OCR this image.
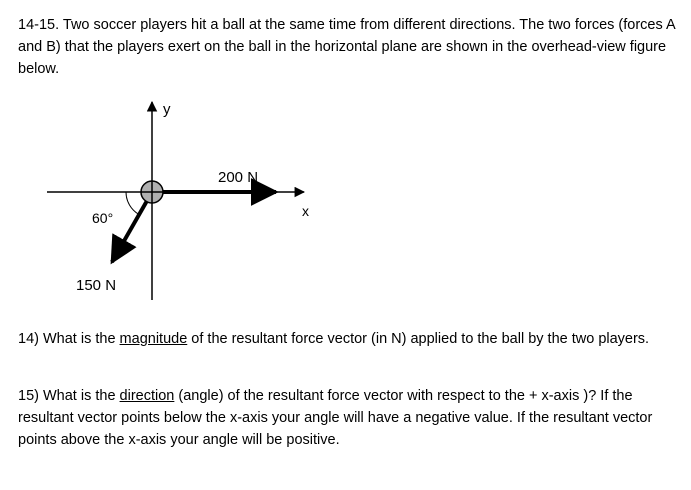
14-15. Two soccer players hit a ball at the same time from different directions. The two forces (forces A and B) that the players exert on the ball in the horizontal plane are shown in the overhead-view figure below.

y
x
200 N
150 N
60°

14) What is the magnitude of the resultant force vector (in N) applied to the ball by the two players.

15) What is the direction (angle) of the resultant force vector with respect to the + x-axis )? If the resultant vector points below the x-axis your angle will have a negative value. If the resultant vector points above the x-axis your angle will be positive.
